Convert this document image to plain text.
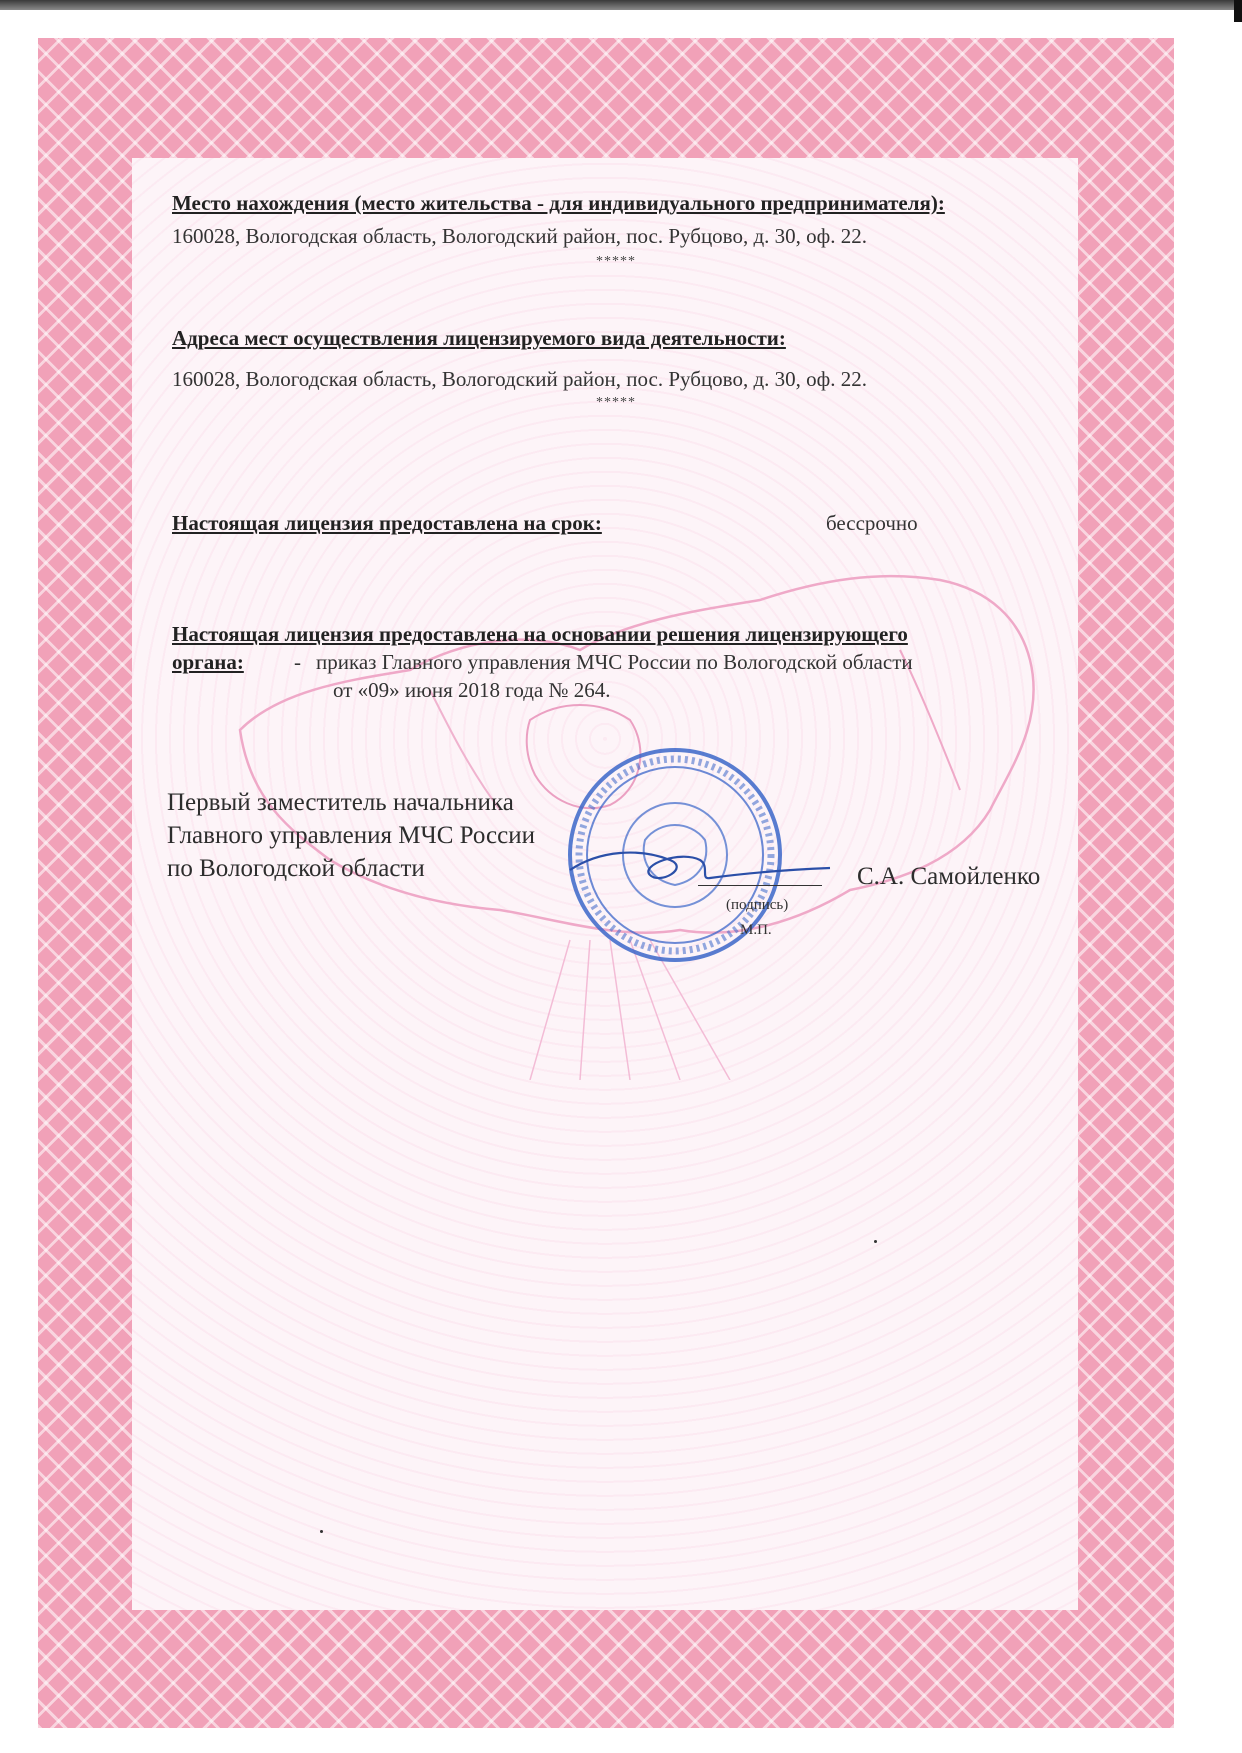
Место нахождения (место жительства - для индивидуального предпринимателя):
160028, Вологодская область, Вологодский район, пос. Рубцово, д. 30, оф. 22.
*****
Адреса мест осуществления лицензируемого вида деятельности:
160028, Вологодская область, Вологодский район, пос. Рубцово, д. 30, оф. 22.
*****
Настоящая лицензия предоставлена на срок:	бессрочно
Настоящая лицензия предоставлена на основании решения лицензирующего
органа: - приказ Главного управления МЧС России по Вологодской области
от «09» июня 2018 года № 264.
Первый заместитель начальника
Главного управления МЧС России
по Вологодской области	С.А. Самойленко
(подпись)
М.П.
